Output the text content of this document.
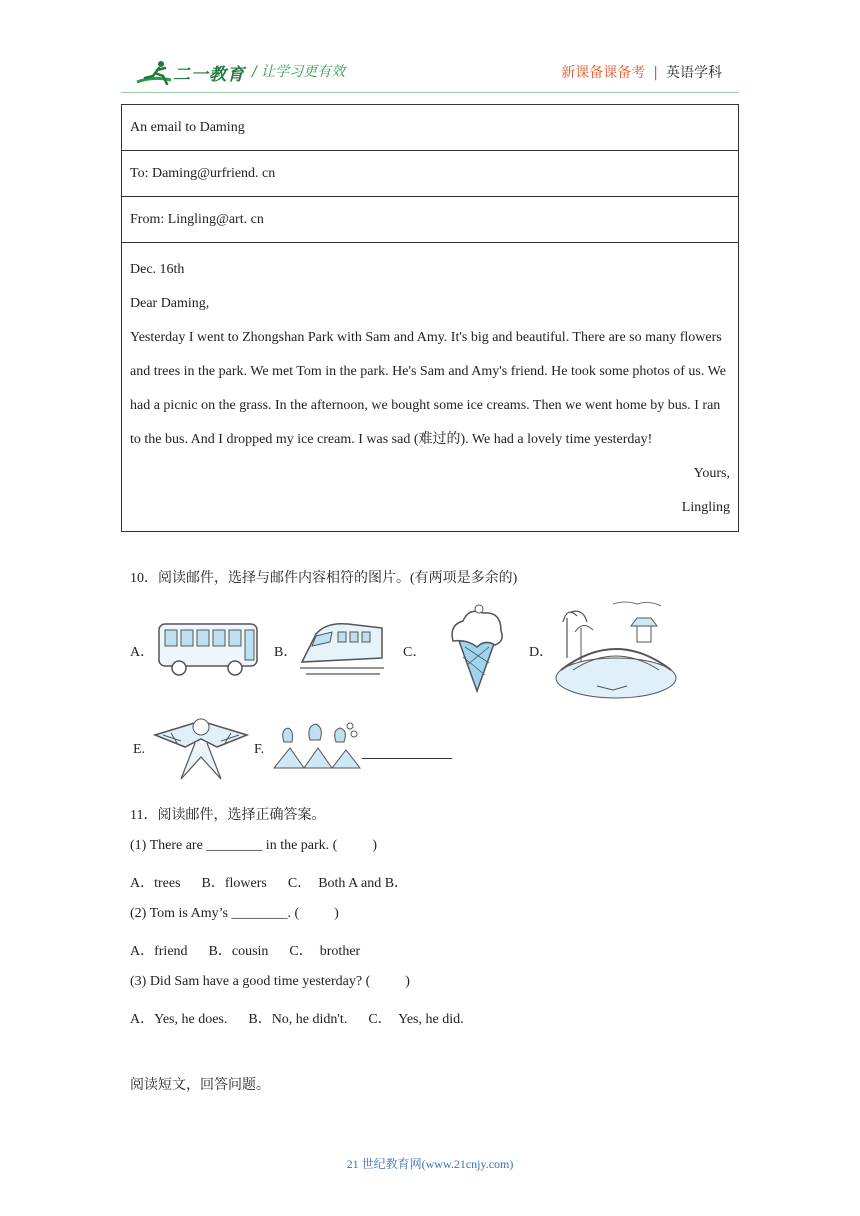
二一教育 / 让学习更有效	新课备课备考 | 英语学科
An email to Daming
To: Daming@urfriend. cn
From: Lingling@art. cn

Dec. 16th

Dear Daming,

Yesterday I went to Zhongshan Park with Sam and Amy. It's big and beautiful. There are so many flowers and trees in the park. We met Tom in the park. He's Sam and Amy's friend. He took some photos of us. We had a picnic on the grass. In the afternoon, we bought some ice creams. Then we went home by bus. I ran to the bus. And I dropped my ice cream. I was sad (难过的). We had a lovely time yesterday!

Yours,

Lingling

10．阅读邮件，选择与邮件内容相符的图片。(有两项是多余的)
A．	B．	C．	D．
E.	F.
11．阅读邮件，选择正确答案。
(1) There are ________ in the park. (          )
A．trees      B．flowers      C．  Both A and B．
(2) Tom is Amy’s ________. (          )
A．friend      B．cousin      C．  brother
(3) Did Sam have a good time yesterday? (          )
A．Yes, he does.      B．No, he didn't.      C．  Yes, he did.
阅读短文，回答问题。
21 世纪教育网(www.21cnjy.com)
